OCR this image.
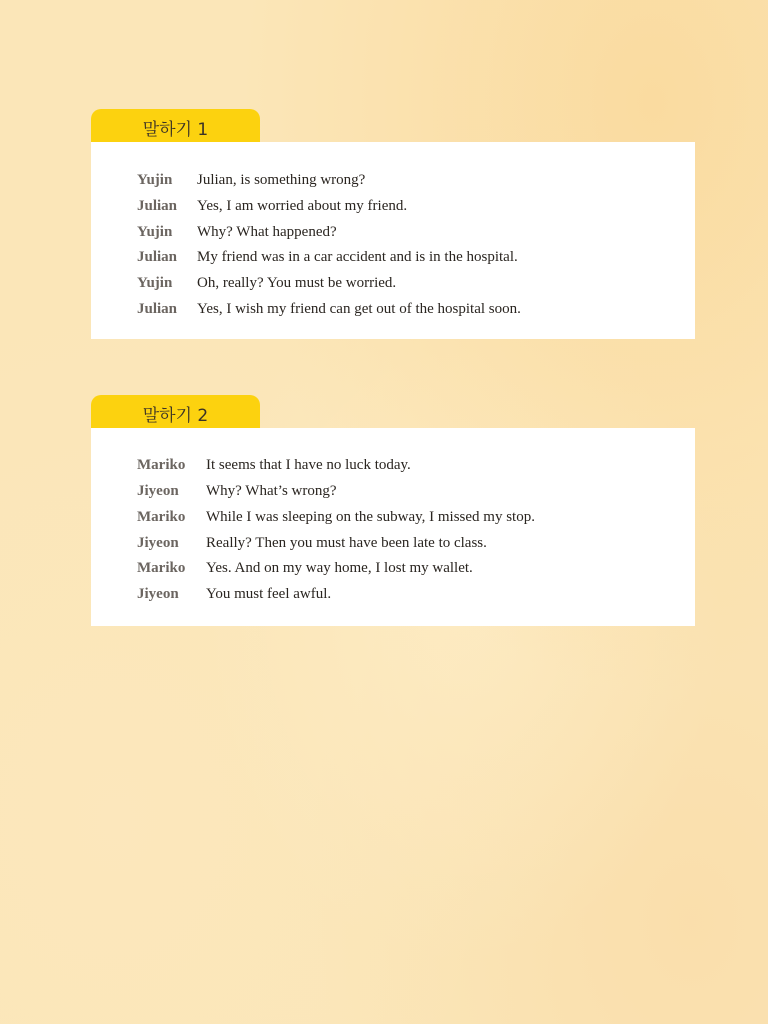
말하기 1
Yujin Julian, is something wrong?
Julian Yes, I am worried about my friend.
Yujin Why? What happened?
Julian My friend was in a car accident and is in the hospital.
Yujin Oh, really? You must be worried.
Julian Yes, I wish my friend can get out of the hospital soon.
말하기 2
Mariko It seems that I have no luck today.
Jiyeon Why? What’s wrong?
Mariko While I was sleeping on the subway, I missed my stop.
Jiyeon Really? Then you must have been late to class.
Mariko Yes. And on my way home, I lost my wallet.
Jiyeon You must feel awful.
